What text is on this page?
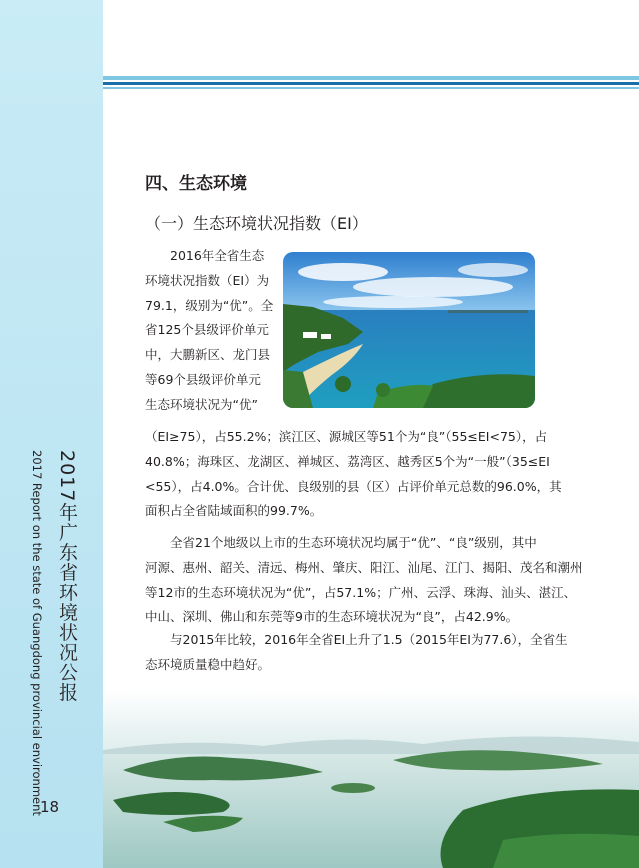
2017年广东省环境状况公报
2017 Report on the state of Guangdong provincial environment
18
四、生态环境
（一）生态环境状况指数（EI）
2016年全省生态
环境状况指数（EI）为
79.1，级别为“优”。全
省125个县级评价单元
中，大鹏新区、龙门县
等69个县级评价单元
生态环境状况为“优”
（EI≥75），占55.2%；滨江区、源城区等51个为“良”（55≤EI<75），占
40.8%；海珠区、龙湖区、禅城区、荔湾区、越秀区5个为“一般”（35≤EI
<55），占4.0%。合计优、良级别的县（区）占评价单元总数的96.0%，其
面积占全省陆域面积的99.7%。
全省21个地级以上市的生态环境状况均属于“优”、“良”级别，其中
河源、惠州、韶关、清远、梅州、肇庆、阳江、汕尾、江门、揭阳、茂名和潮州
等12市的生态环境状况为“优”，占57.1%；广州、云浮、珠海、汕头、湛江、
中山、深圳、佛山和东莞等9市的生态环境状况为“良”，占42.9%。
与2015年比较，2016年全省EI上升了1.5（2015年EI为77.6），全省生
态环境质量稳中趋好。
